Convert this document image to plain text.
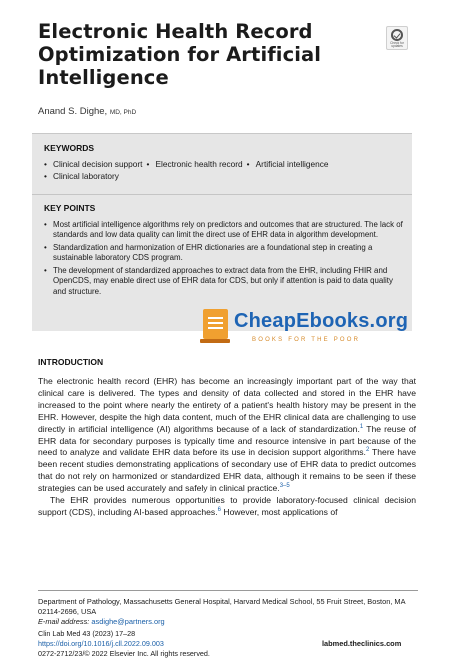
Electronic Health Record
Optimization for Artificial
Intelligence
Check for updates
Anand S. Dighe, MD, PhD
KEYWORDS
• Clinical decision support • Electronic health record • Artificial intelligence
• Clinical laboratory
KEY POINTS
• Most artificial intelligence algorithms rely on predictors and outcomes that are structured. The lack of standards and low data quality can limit the direct use of EHR data in algorithm development.
• Standardization and harmonization of EHR dictionaries are a foundational step in creating a sustainable laboratory CDS program.
• The development of standardized approaches to extract data from the EHR, including FHIR and OpenCDS, may enable direct use of EHR data for CDS, but only if attention is paid to data quality and structure.
CheapEbooks.org
BOOKS FOR THE POOR
INTRODUCTION

The electronic health record (EHR) has become an increasingly important part of the way that clinical care is delivered. The types and density of data collected and stored in the EHR have increased to the point where nearly the entirety of a patient's health history may be present in the EHR. However, despite the high data content, much of the EHR clinical data are challenging to use directly in artificial intelligence (AI) algorithms because of a lack of standardization.$^1$ The reuse of EHR data for secondary purposes is typically time and resource intensive in part because of the need to analyze and validate EHR data before its use in decision support algorithms.$^2$ There have been recent studies demonstrating applications of secondary use of EHR data to predict outcomes that do not rely on harmonized or standardized EHR data, although it remains to be seen if these strategies can be used accurately and safely in clinical practice.$^{3-5}$

The EHR provides numerous opportunities to provide laboratory-focused clinical decision support (CDS), including AI-based approaches.$^6$ However, most applications of

Department of Pathology, Massachusetts General Hospital, Harvard Medical School, 55 Fruit Street, Boston, MA 02114-2696, USA
E-mail address: asdighe@partners.org
Clin Lab Med 43 (2023) 17–28
https://doi.org/10.1016/j.cll.2022.09.003
0272-2712/23/© 2022 Elsevier Inc. All rights reserved.
labmed.theclinics.com
